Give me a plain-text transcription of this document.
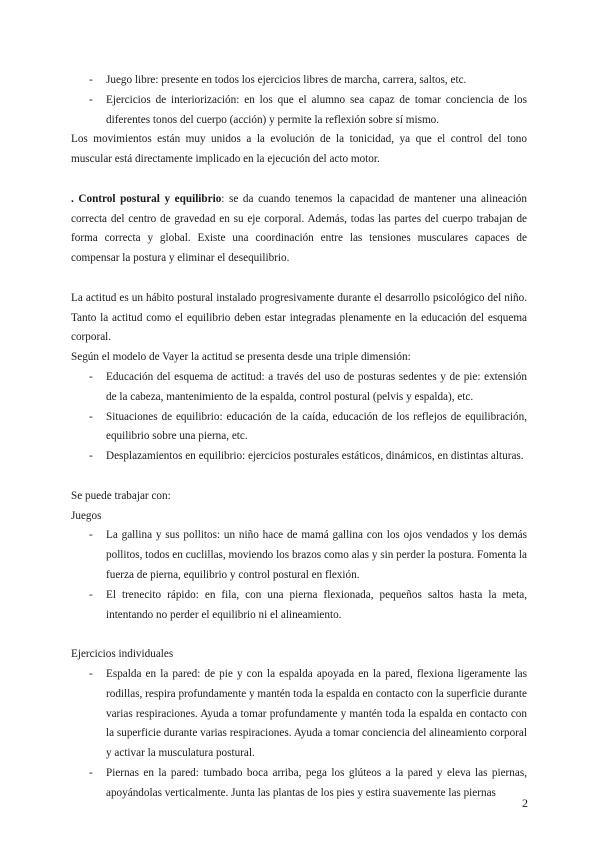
- Juego libre: presente en todos los ejercicios libres de marcha, carrera, saltos, etc.
- Ejercicios de interiorización: en los que el alumno sea capaz de tomar conciencia de los diferentes tonos del cuerpo (acción) y permite la reflexión sobre sí mismo.

Los movimientos están muy unidos a la evolución de la tonicidad, ya que el control del tono muscular está directamente implicado en la ejecución del acto motor.

. Control postural y equilibrio: se da cuando tenemos la capacidad de mantener una alineación correcta del centro de gravedad en su eje corporal. Además, todas las partes del cuerpo trabajan de forma correcta y global. Existe una coordinación entre las tensiones musculares capaces de compensar la postura y eliminar el desequilibrio.

La actitud es un hábito postural instalado progresivamente durante el desarrollo psicológico del niño. Tanto la actitud como el equilibrio deben estar integradas plenamente en la educación del esquema corporal.

Según el modelo de Vayer la actitud se presenta desde una triple dimensión:

- Educación del esquema de actitud: a través del uso de posturas sedentes y de pie: extensión de la cabeza, mantenimiento de la espalda, control postural (pelvis y espalda), etc.
- Situaciones de equilibrio: educación de la caída, educación de los reflejos de equilibración, equilibrio sobre una pierna, etc.
- Desplazamientos en equilibrio: ejercicios posturales estáticos, dinámicos, en distintas alturas.

Se puede trabajar con:

Juegos

- La gallina y sus pollitos: un niño hace de mamá gallina con los ojos vendados y los demás pollitos, todos en cuclillas, moviendo los brazos como alas y sin perder la postura. Fomenta la fuerza de pierna, equilibrio y control postural en flexión.
- El trenecito rápido: en fila, con una pierna flexionada, pequeños saltos hasta la meta, intentando no perder el equilibrio ni el alineamiento.

Ejercicios individuales

- Espalda en la pared: de pie y con la espalda apoyada en la pared, flexiona ligeramente las rodillas, respira profundamente y mantén toda la espalda en contacto con la superficie durante varias respiraciones. Ayuda a tomar profundamente y mantén toda la espalda en contacto con la superficie durante varias respiraciones. Ayuda a tomar conciencia del alineamiento corporal y activar la musculatura postural.
- Piernas en la pared: tumbado boca arriba, pega los glúteos a la pared y eleva las piernas, apoyándolas verticalmente. Junta las plantas de los pies y estira suavemente las piernas
2
